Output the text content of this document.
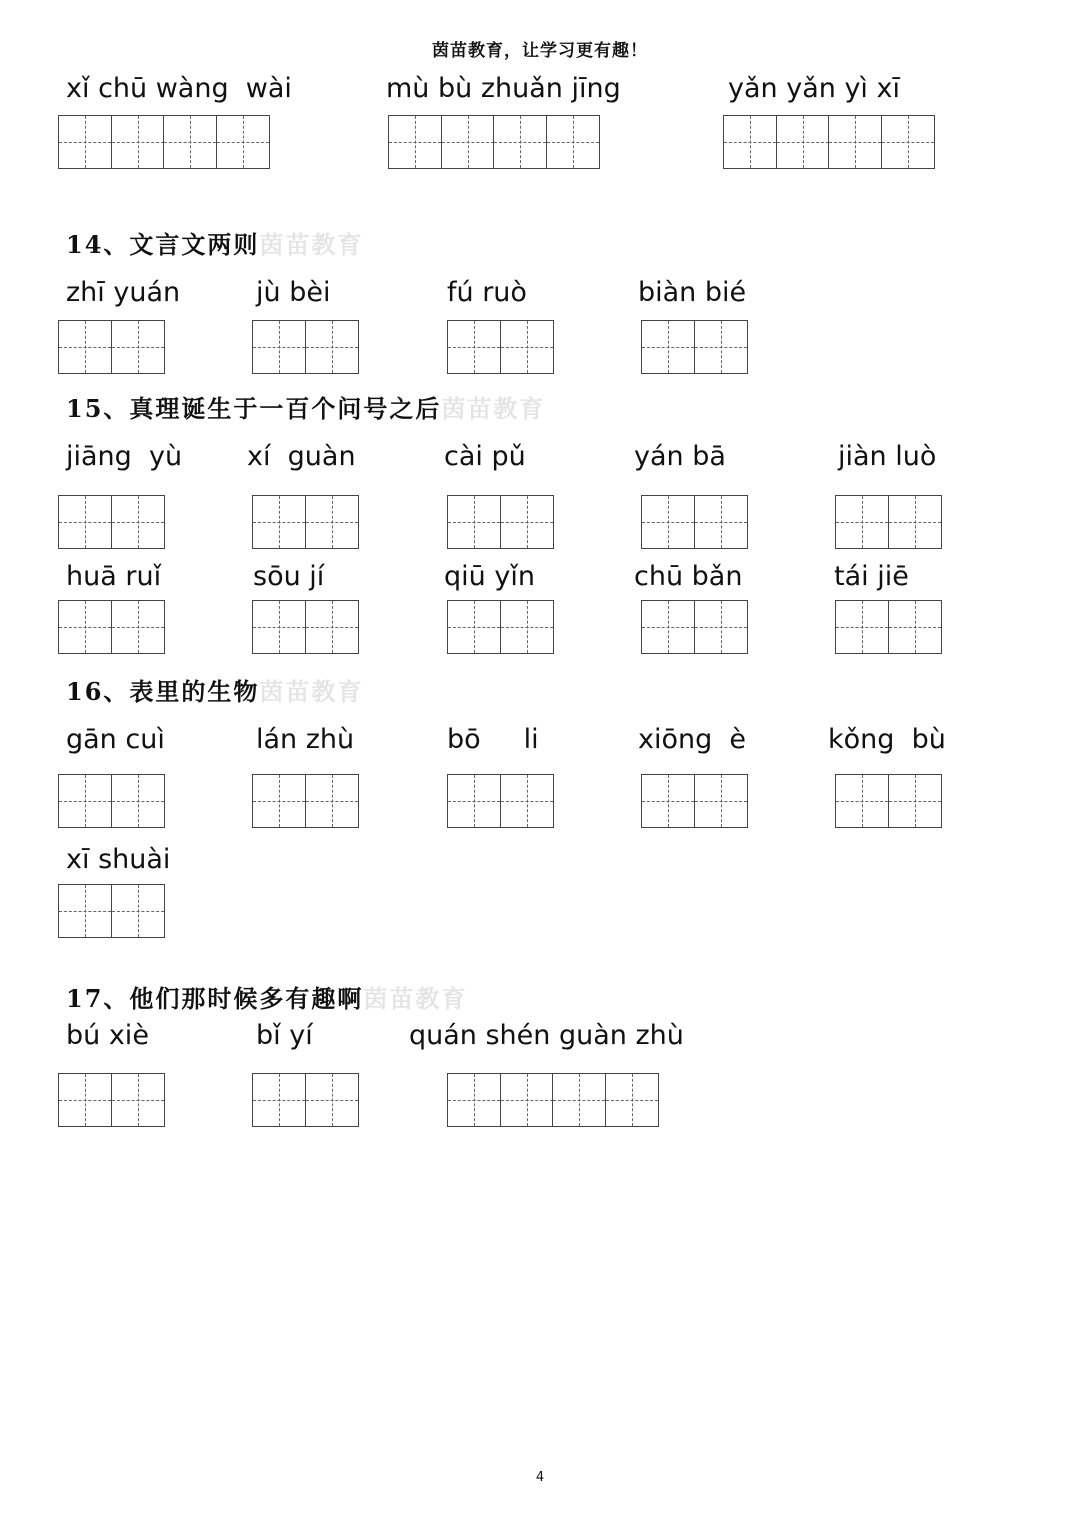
茵苗教育，让学习更有趣！
xǐ chū wàng  wài	mù bù zhuǎn jīng	yǎn yǎn yì xī
14、文言文两则茵苗教育
zhī yuán	jù bèi	fú ruò	biàn bié
15、真理诞生于一百个问号之后茵苗教育
jiāng  yù xí  guàn	cài pǔ	yán bā	jiàn luò
huā ruǐ	sōu jí	qiū yǐn	chū bǎn	tái jiē
16、表里的生物茵苗教育
gān cuì	lán zhù	bō     li	xiōng  è	kǒng  bù
xī shuài
17、他们那时候多有趣啊茵苗教育
bú xiè	bǐ yí	quán shén guàn zhù
4
